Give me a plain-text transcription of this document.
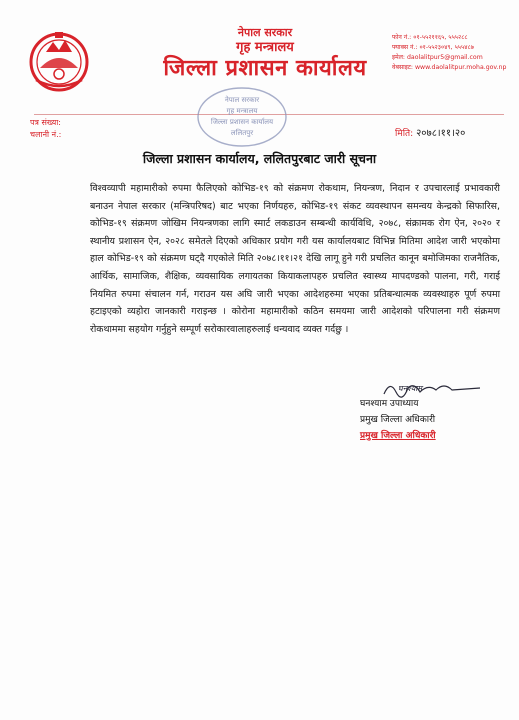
नेपाल सरकार
गृह मन्त्रालय
जिल्ला प्रशासन कार्यालय
फोन नं.: ०१-५५२११६५, ५५५२८८
फ्याक्स नं.: ०१-५५२३०४९, ५५५४८७
इमेल: daolalitpur5@gmail.com
वेबसाइट: www.daolalitpur.moha.gov.np
नेपाल सरकार
गृह मन्त्रालय
जिल्ला प्रशासन कार्यालय
ललितपुर
पत्र संख्या:
चलानी नं.:	मिति: २०७८।११।२०
जिल्ला प्रशासन कार्यालय, ललितपुरबाट जारी सूचना
विश्वव्यापी महामारीको रुपमा फैलिएको कोभिड-१९ को संक्रमण रोकथाम, नियन्त्रण, निदान र उपचारलाई प्रभावकारी बनाउन नेपाल सरकार (मन्त्रिपरिषद) बाट भएका निर्णयहरु, कोभिड-१९ संकट व्यवस्थापन समन्वय केन्द्रको सिफारिस, कोभिड-१९ संक्रमण जोखिम नियन्त्रणका लागि स्मार्ट लकडाउन सम्बन्धी कार्यविधि, २०७८, संक्रामक रोग ऐन, २०२० र स्थानीय प्रशासन ऐन, २०२८ समेतले दिएको अधिकार प्रयोग गरी यस कार्यालयबाट विभिन्न मितिमा आदेश जारी भएकोमा हाल कोभिड-१९ को संक्रमण घट्दै गएकोले मिति २०७८।११।२१ देखि लागू हुने गरी प्रचलित कानून बमोजिमका राजनैतिक, आर्थिक, सामाजिक, शैक्षिक, व्यवसायिक लगायतका कियाकलापहरु प्रचलित स्वास्थ्य मापदण्डको पालना, गरी, गराई नियमित रुपमा संचालन गर्न, गराउन यस अघि जारी भएका आदेशहरुमा भएका प्रतिबन्धात्मक व्यवस्थाहरु पूर्ण रुपमा हटाइएको व्यहोरा जानकारी गराइन्छ । कोरोना महामारीको कठिन समयमा जारी आदेशको परिपालना गरी संक्रमण रोकथाममा सहयोग गर्नुहुने सम्पूर्ण सरोकारवालाहरुलाई धन्यवाद व्यक्त गर्दछु ।
घनश्याम
घनश्याम उपाध्याय
प्रमुख जिल्ला अधिकारी
प्रमुख जिल्ला अधिकारी
